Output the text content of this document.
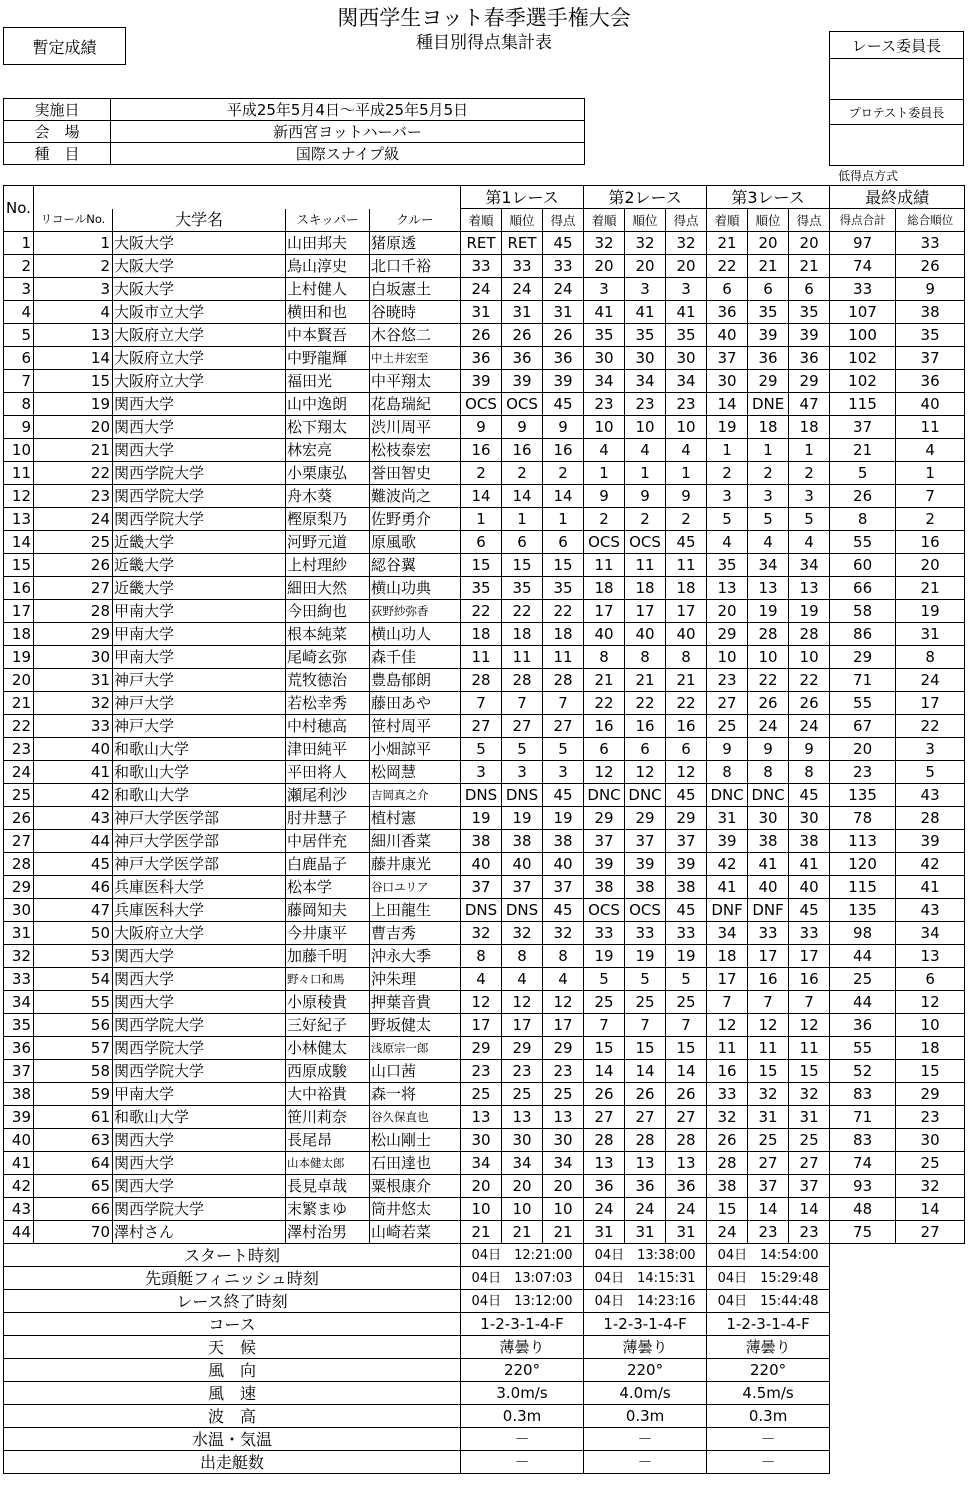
関西学生ヨット春季選手権大会
種目別得点集計表
暫定成績	レース委員長
プロテスト委員長
低得点方式
実施日	平成25年5月4日～平成25年5月5日
会　場	新西宮ヨットハーバー
種　目	国際スナイプ級
No.					第1レース			第2レース			第3レース			最終成績	
	リコールNo.	大学名	スキッパー	クルー	着順	順位	得点	着順	順位	得点	着順	順位	得点	得点合計	総合順位
1	1	大阪大学	山田邦夫	猪原透	RET	RET	45	32	32	32	21	20	20	97	33
2	2	大阪大学	鳥山淳史	北口千裕	33	33	33	20	20	20	22	21	21	74	26
3	3	大阪大学	上村健人	白坂憲土	24	24	24	3	3	3	6	6	6	33	9
4	4	大阪市立大学	横田和也	谷暁時	31	31	31	41	41	41	36	35	35	107	38
5	13	大阪府立大学	中本賢吾	木谷悠二	26	26	26	35	35	35	40	39	39	100	35
6	14	大阪府立大学	中野龍輝	中土井宏至	36	36	36	30	30	30	37	36	36	102	37
7	15	大阪府立大学	福田光	中平翔太	39	39	39	34	34	34	30	29	29	102	36
8	19	関西大学	山中逸朗	花島瑞紀	OCS	OCS	45	23	23	23	14	DNE	47	115	40
9	20	関西大学	松下翔太	渋川周平	9	9	9	10	10	10	19	18	18	37	11
10	21	関西大学	林宏亮	松枝泰宏	16	16	16	4	4	4	1	1	1	21	4
11	22	関西学院大学	小栗康弘	誉田智史	2	2	2	1	1	1	2	2	2	5	1
12	23	関西学院大学	舟木葵	難波尚之	14	14	14	9	9	9	3	3	3	26	7
13	24	関西学院大学	樫原梨乃	佐野勇介	1	1	1	2	2	2	5	5	5	8	2
14	25	近畿大学	河野元道	原風歌	6	6	6	OCS	OCS	45	4	4	4	55	16
15	26	近畿大学	上村理紗	綛谷翼	15	15	15	11	11	11	35	34	34	60	20
16	27	近畿大学	細田大然	横山功典	35	35	35	18	18	18	13	13	13	66	21
17	28	甲南大学	今田絢也	荻野紗弥香	22	22	22	17	17	17	20	19	19	58	19
18	29	甲南大学	根本純菜	横山功人	18	18	18	40	40	40	29	28	28	86	31
19	30	甲南大学	尾崎玄弥	森千佳	11	11	11	8	8	8	10	10	10	29	8
20	31	神戸大学	荒牧徳治	豊島郁朗	28	28	28	21	21	21	23	22	22	71	24
21	32	神戸大学	若松幸秀	藤田あや	7	7	7	22	22	22	27	26	26	55	17
22	33	神戸大学	中村穂高	笹村周平	27	27	27	16	16	16	25	24	24	67	22
23	40	和歌山大学	津田純平	小畑諒平	5	5	5	6	6	6	9	9	9	20	3
24	41	和歌山大学	平田将人	松岡慧	3	3	3	12	12	12	8	8	8	23	5
25	42	和歌山大学	瀬尾利沙	吉岡真之介	DNS	DNS	45	DNC	DNC	45	DNC	DNC	45	135	43
26	43	神戸大学医学部	肘井慧子	植村憲	19	19	19	29	29	29	31	30	30	78	28
27	44	神戸大学医学部	中居伴充	細川香菜	38	38	38	37	37	37	39	38	38	113	39
28	45	神戸大学医学部	白鹿晶子	藤井康光	40	40	40	39	39	39	42	41	41	120	42
29	46	兵庫医科大学	松本学	谷口ユリア	37	37	37	38	38	38	41	40	40	115	41
30	47	兵庫医科大学	藤岡知夫	上田龍生	DNS	DNS	45	OCS	OCS	45	DNF	DNF	45	135	43
31	50	大阪府立大学	今井康平	曹吉秀	32	32	32	33	33	33	34	33	33	98	34
32	53	関西大学	加藤千明	沖永大季	8	8	8	19	19	19	18	17	17	44	13
33	54	関西大学	野々口和馬	沖朱理	4	4	4	5	5	5	17	16	16	25	6
34	55	関西大学	小原稜貴	押葉音貴	12	12	12	25	25	25	7	7	7	44	12
35	56	関西学院大学	三好紀子	野坂健太	17	17	17	7	7	7	12	12	12	36	10
36	57	関西学院大学	小林健太	浅原宗一郎	29	29	29	15	15	15	11	11	11	55	18
37	58	関西学院大学	西原成駿	山口茜	23	23	23	14	14	14	16	15	15	52	15
38	59	甲南大学	大中裕貴	森一将	25	25	25	26	26	26	33	32	32	83	29
39	61	和歌山大学	笹川莉奈	谷久保直也	13	13	13	27	27	27	32	31	31	71	23
40	63	関西大学	長尾昂	松山剛士	30	30	30	28	28	28	26	25	25	83	30
41	64	関西大学	山本健太郎	石田達也	34	34	34	13	13	13	28	27	27	74	25
42	65	関西大学	長見卓哉	粟根康介	20	20	20	36	36	36	38	37	37	93	32
43	66	関西学院大学	末繁まゆ	筒井悠太	10	10	10	24	24	24	15	14	14	48	14
44	70	澤村さん	澤村治男	山崎若菜	21	21	21	31	31	31	24	23	23	75	27
スタート時刻					04日　12:21:00			04日　13:38:00			04日　14:54:00				
先頭艇フィニッシュ時刻					04日　13:07:03			04日　14:15:31			04日　15:29:48				
レース終了時刻					04日　13:12:00			04日　14:23:16			04日　15:44:48				
コース					1-2-3-1-4-F			1-2-3-1-4-F			1-2-3-1-4-F				
天　候					薄曇り			薄曇り			薄曇り				
風　向					220°			220°			220°				
風　速					3.0m/s			4.0m/s			4.5m/s				
波　高					0.3m			0.3m			0.3m				
水温・気温					－			－			－				
出走艇数					－			－			－				
